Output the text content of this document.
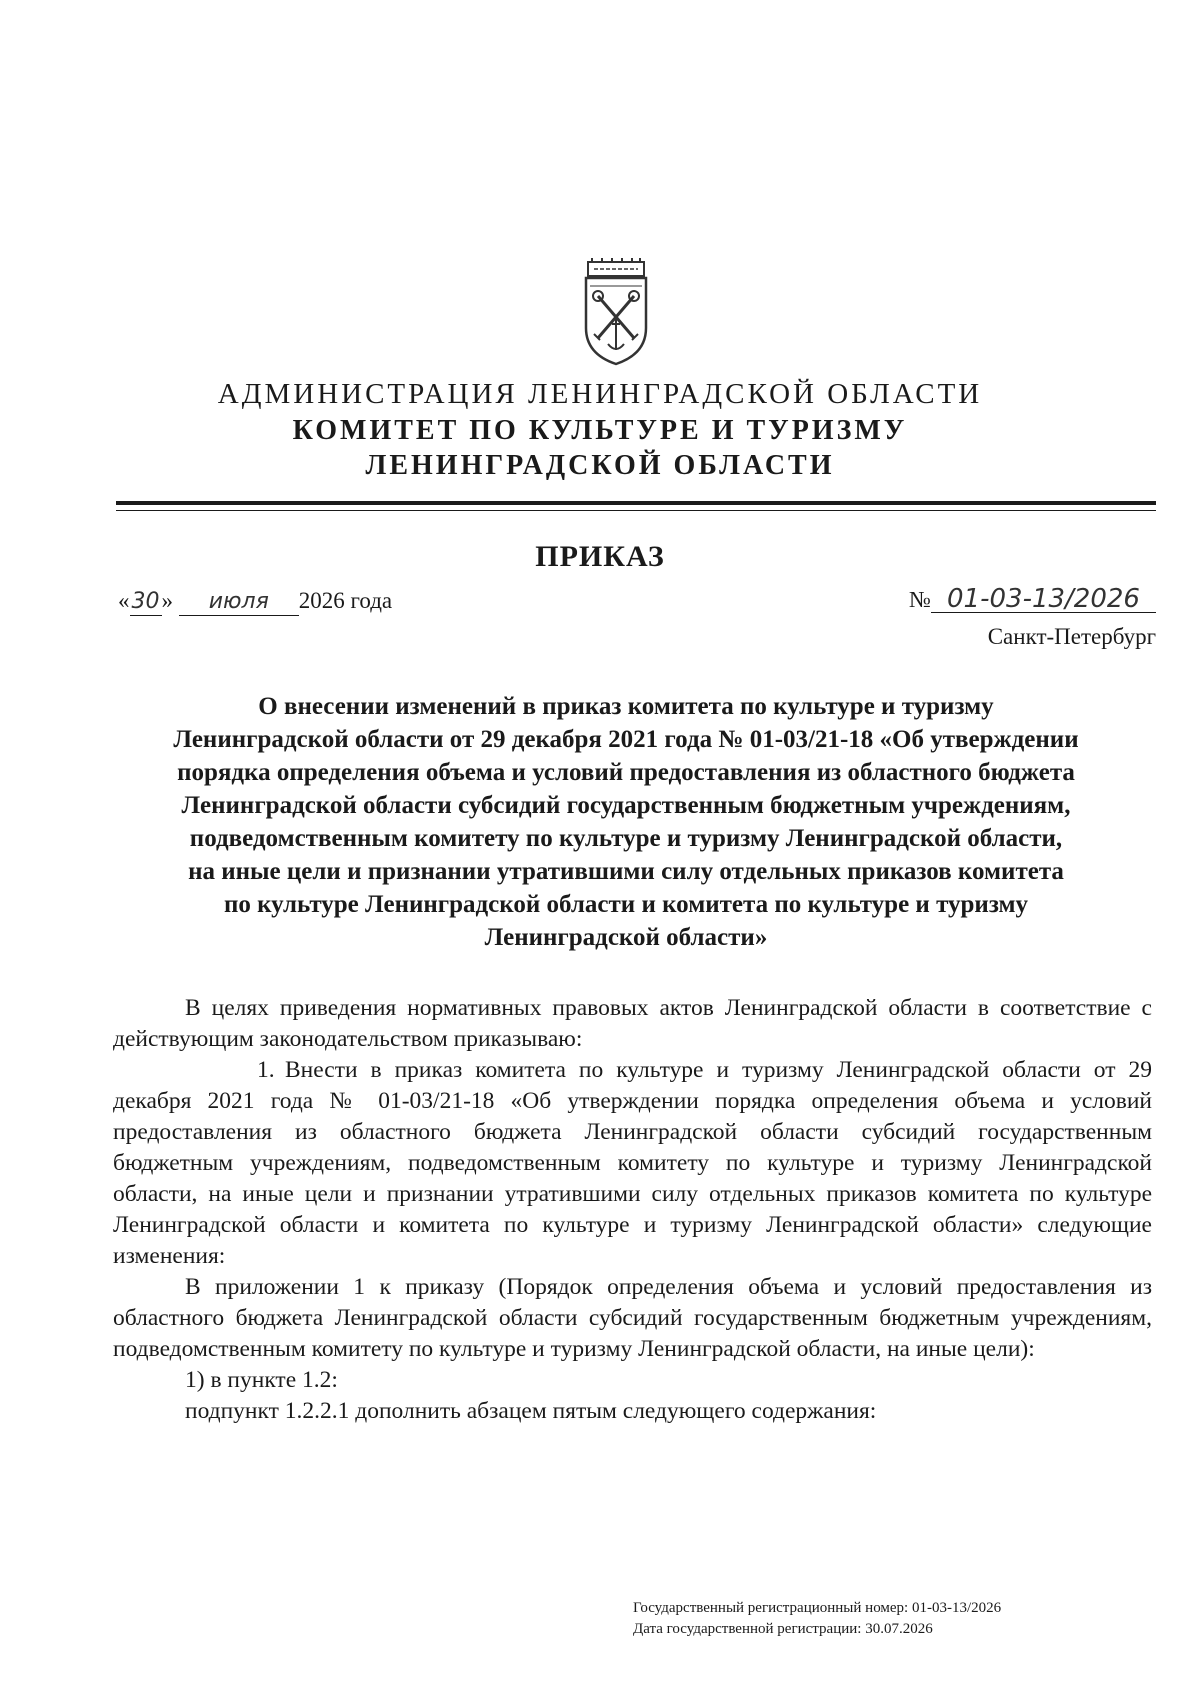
АДМИНИСТРАЦИЯ ЛЕНИНГРАДСКОЙ ОБЛАСТИ
КОМИТЕТ ПО КУЛЬТУРЕ И ТУРИЗМУ
ЛЕНИНГРАДСКОЙ ОБЛАСТИ
ПРИКАЗ
«30» июля 2026 года	№ 01-03-13/2026
Санкт-Петербург
О внесении изменений в приказ комитета по культуре и туризму
Ленинградской области от 29 декабря 2021 года № 01-03/21-18 «Об утверждении
порядка определения объема и условий предоставления из областного бюджета
Ленинградской области субсидий государственным бюджетным учреждениям,
подведомственным комитету по культуре и туризму Ленинградской области,
на иные цели и признании утратившими силу отдельных приказов комитета
по культуре Ленинградской области и комитета по культуре и туризму
Ленинградской области»

В целях приведения нормативных правовых актов Ленинградской области в соответствие с действующим законодательством приказываю:

1. Внести в приказ комитета по культуре и туризму Ленинградской области от 29 декабря 2021 года № 01-03/21-18 «Об утверждении порядка определения объема и условий предоставления из областного бюджета Ленинградской области субсидий государственным бюджетным учреждениям, подведомственным комитету по культуре и туризму Ленинградской области, на иные цели и признании утратившими силу отдельных приказов комитета по культуре Ленинградской области и комитета по культуре и туризму Ленинградской области» следующие изменения:

В приложении 1 к приказу (Порядок определения объема и условий предоставления из областного бюджета Ленинградской области субсидий государственным бюджетным учреждениям, подведомственным комитету по культуре и туризму Ленинградской области, на иные цели):

1) в пункте 1.2:

подпункт 1.2.2.1 дополнить абзацем пятым следующего содержания:

Государственный регистрационный номер: 01-03-13/2026
Дата государственной регистрации: 30.07.2026
